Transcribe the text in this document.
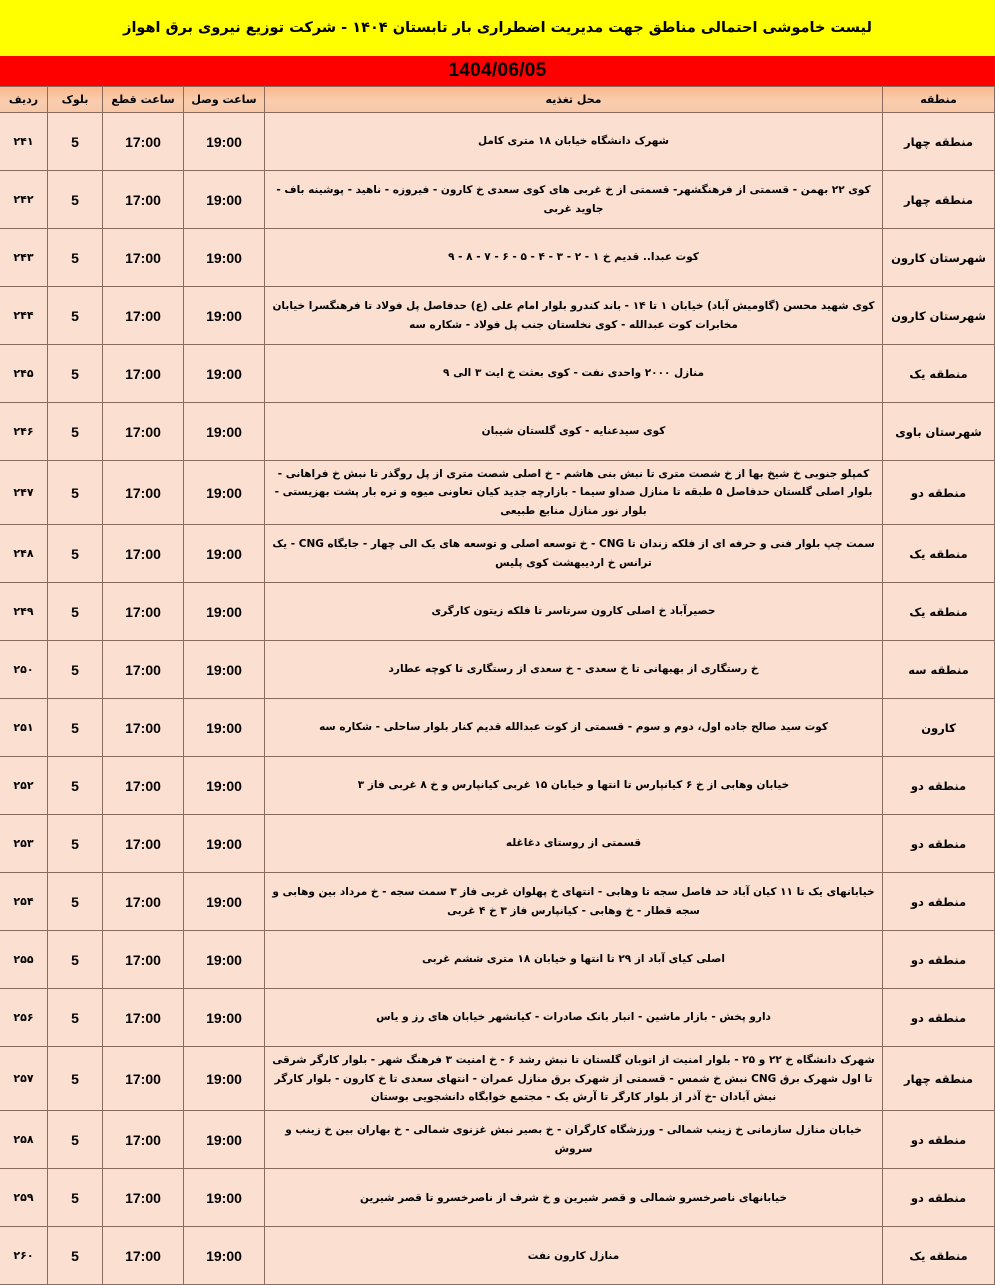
لیست خاموشی احتمالی مناطق جهت مدیریت اضطراری بار تابستان ۱۴۰۴ - شرکت توزیع نیروی برق اهواز
1404/06/05
منطقه	محل تغذیه	ساعت وصل	ساعت قطع	بلوک	ردیف
منطقه چهار	شهرک دانشگاه خیابان ۱۸ متری کامل	19:00	17:00	5	۲۴۱
منطقه چهار	کوی ۲۲ بهمن - قسمتی از فرهنگشهر- قسمتی از خ غربی های کوی سعدی خ کارون - فیروزه - ناهید - پوشینه باف - جاوید غربی	19:00	17:00	5	۲۴۲
شهرستان کارون	کوت عبدا.. قدیم خ ۱ - ۲ - ۳ - ۴ - ۵ - ۶ - ۷ - ۸ - ۹	19:00	17:00	5	۲۴۳
شهرستان کارون	کوی شهید محسن (گاومیش آباد) خیابان ۱ تا ۱۴ - باند کندرو بلوار امام علی (ع) حدفاصل پل فولاد تا فرهنگسرا خیابان مخابرات کوت عبدالله - کوی نخلستان جنب پل فولاد - شکاره سه	19:00	17:00	5	۲۴۴
منطقه یک	منازل ۲۰۰۰ واحدی نفت - کوی بعثت خ ایت ۳ الی ۹	19:00	17:00	5	۲۴۵
شهرستان باوی	کوی سیدعنایه - کوی گلستان شیبان	19:00	17:00	5	۲۴۶
منطقه دو	کمپلو جنوبی خ شیخ بها از خ شصت متری تا نبش بنی هاشم - خ اصلی شصت متری از پل روگذر تا نبش خ فراهانی - بلوار اصلی گلستان حدفاصل ۵ طبقه تا منازل صداو سیما - بازارچه جدید کیان تعاونی میوه و تره بار پشت بهزیستی - بلوار نور منازل منابع طبیعی	19:00	17:00	5	۲۴۷
منطقه یک	سمت چپ بلوار فنی و حرفه ای از فلکه زندان تا CNG - خ توسعه اصلی و توسعه های یک الی چهار - جایگاه CNG - یک ترانس خ اردیبهشت کوی پلیس	19:00	17:00	5	۲۴۸
منطقه یک	حصیرآباد خ اصلی کارون سرتاسر تا فلکه زیتون کارگری	19:00	17:00	5	۲۴۹
منطقه سه	خ رستگاری از بهبهانی تا خ سعدی - خ سعدی از رستگاری تا کوچه عطارد	19:00	17:00	5	۲۵۰
کارون	کوت سید صالح جاده اول، دوم و سوم - قسمتی از کوت عبدالله قدیم کنار بلوار ساحلی - شکاره سه	19:00	17:00	5	۲۵۱
منطقه دو	خیابان وهابی از خ ۶ کیانپارس تا انتها و خیابان ۱۵ غربی کیانپارس و خ ۸ غربی فاز ۳	19:00	17:00	5	۲۵۲
منطقه دو	قسمتی از روستای دغاغله	19:00	17:00	5	۲۵۳
منطقه دو	خیابانهای یک تا ۱۱ کیان آباد حد فاصل سجه تا وهابی - انتهای خ پهلوان غربی فاز ۳ سمت سجه - خ مرداد بین وهابی و سجه قطار - خ وهابی - کیانپارس فاز ۳ خ ۴ غربی	19:00	17:00	5	۲۵۴
منطقه دو	اصلی کیای آباد از ۲۹ تا انتها و خیابان ۱۸ متری ششم غربی	19:00	17:00	5	۲۵۵
منطقه دو	دارو پخش - بازار ماشین - انبار بانک صادرات - کیانشهر خیابان های رز و یاس	19:00	17:00	5	۲۵۶
منطقه چهار	شهرک دانشگاه خ ۲۲ و ۲۵ - بلوار امنیت از اتوبان گلستان تا نبش رشد ۶ - خ امنیت ۳ فرهنگ شهر - بلوار کارگر شرقی تا اول شهرک برق CNG نبش خ شمس - قسمتی از شهرک برق منازل عمران - انتهای سعدی تا خ کارون - بلوار کارگر نبش آبادان -خ آذر از بلوار کارگر تا آرش یک - مجتمع خوابگاه دانشجویی بوستان	19:00	17:00	5	۲۵۷
منطقه دو	خیابان منازل سازمانی خ زینب شمالی - ورزشگاه کارگران - خ بصیر نبش غزنوی شمالی - خ بهاران بین خ زینب و سروش	19:00	17:00	5	۲۵۸
منطقه دو	خیابانهای ناصرخسرو شمالی و قصر شیرین و خ شرف از ناصرخسرو تا قصر شیرین	19:00	17:00	5	۲۵۹
منطقه یک	منازل کارون نفت	19:00	17:00	5	۲۶۰
